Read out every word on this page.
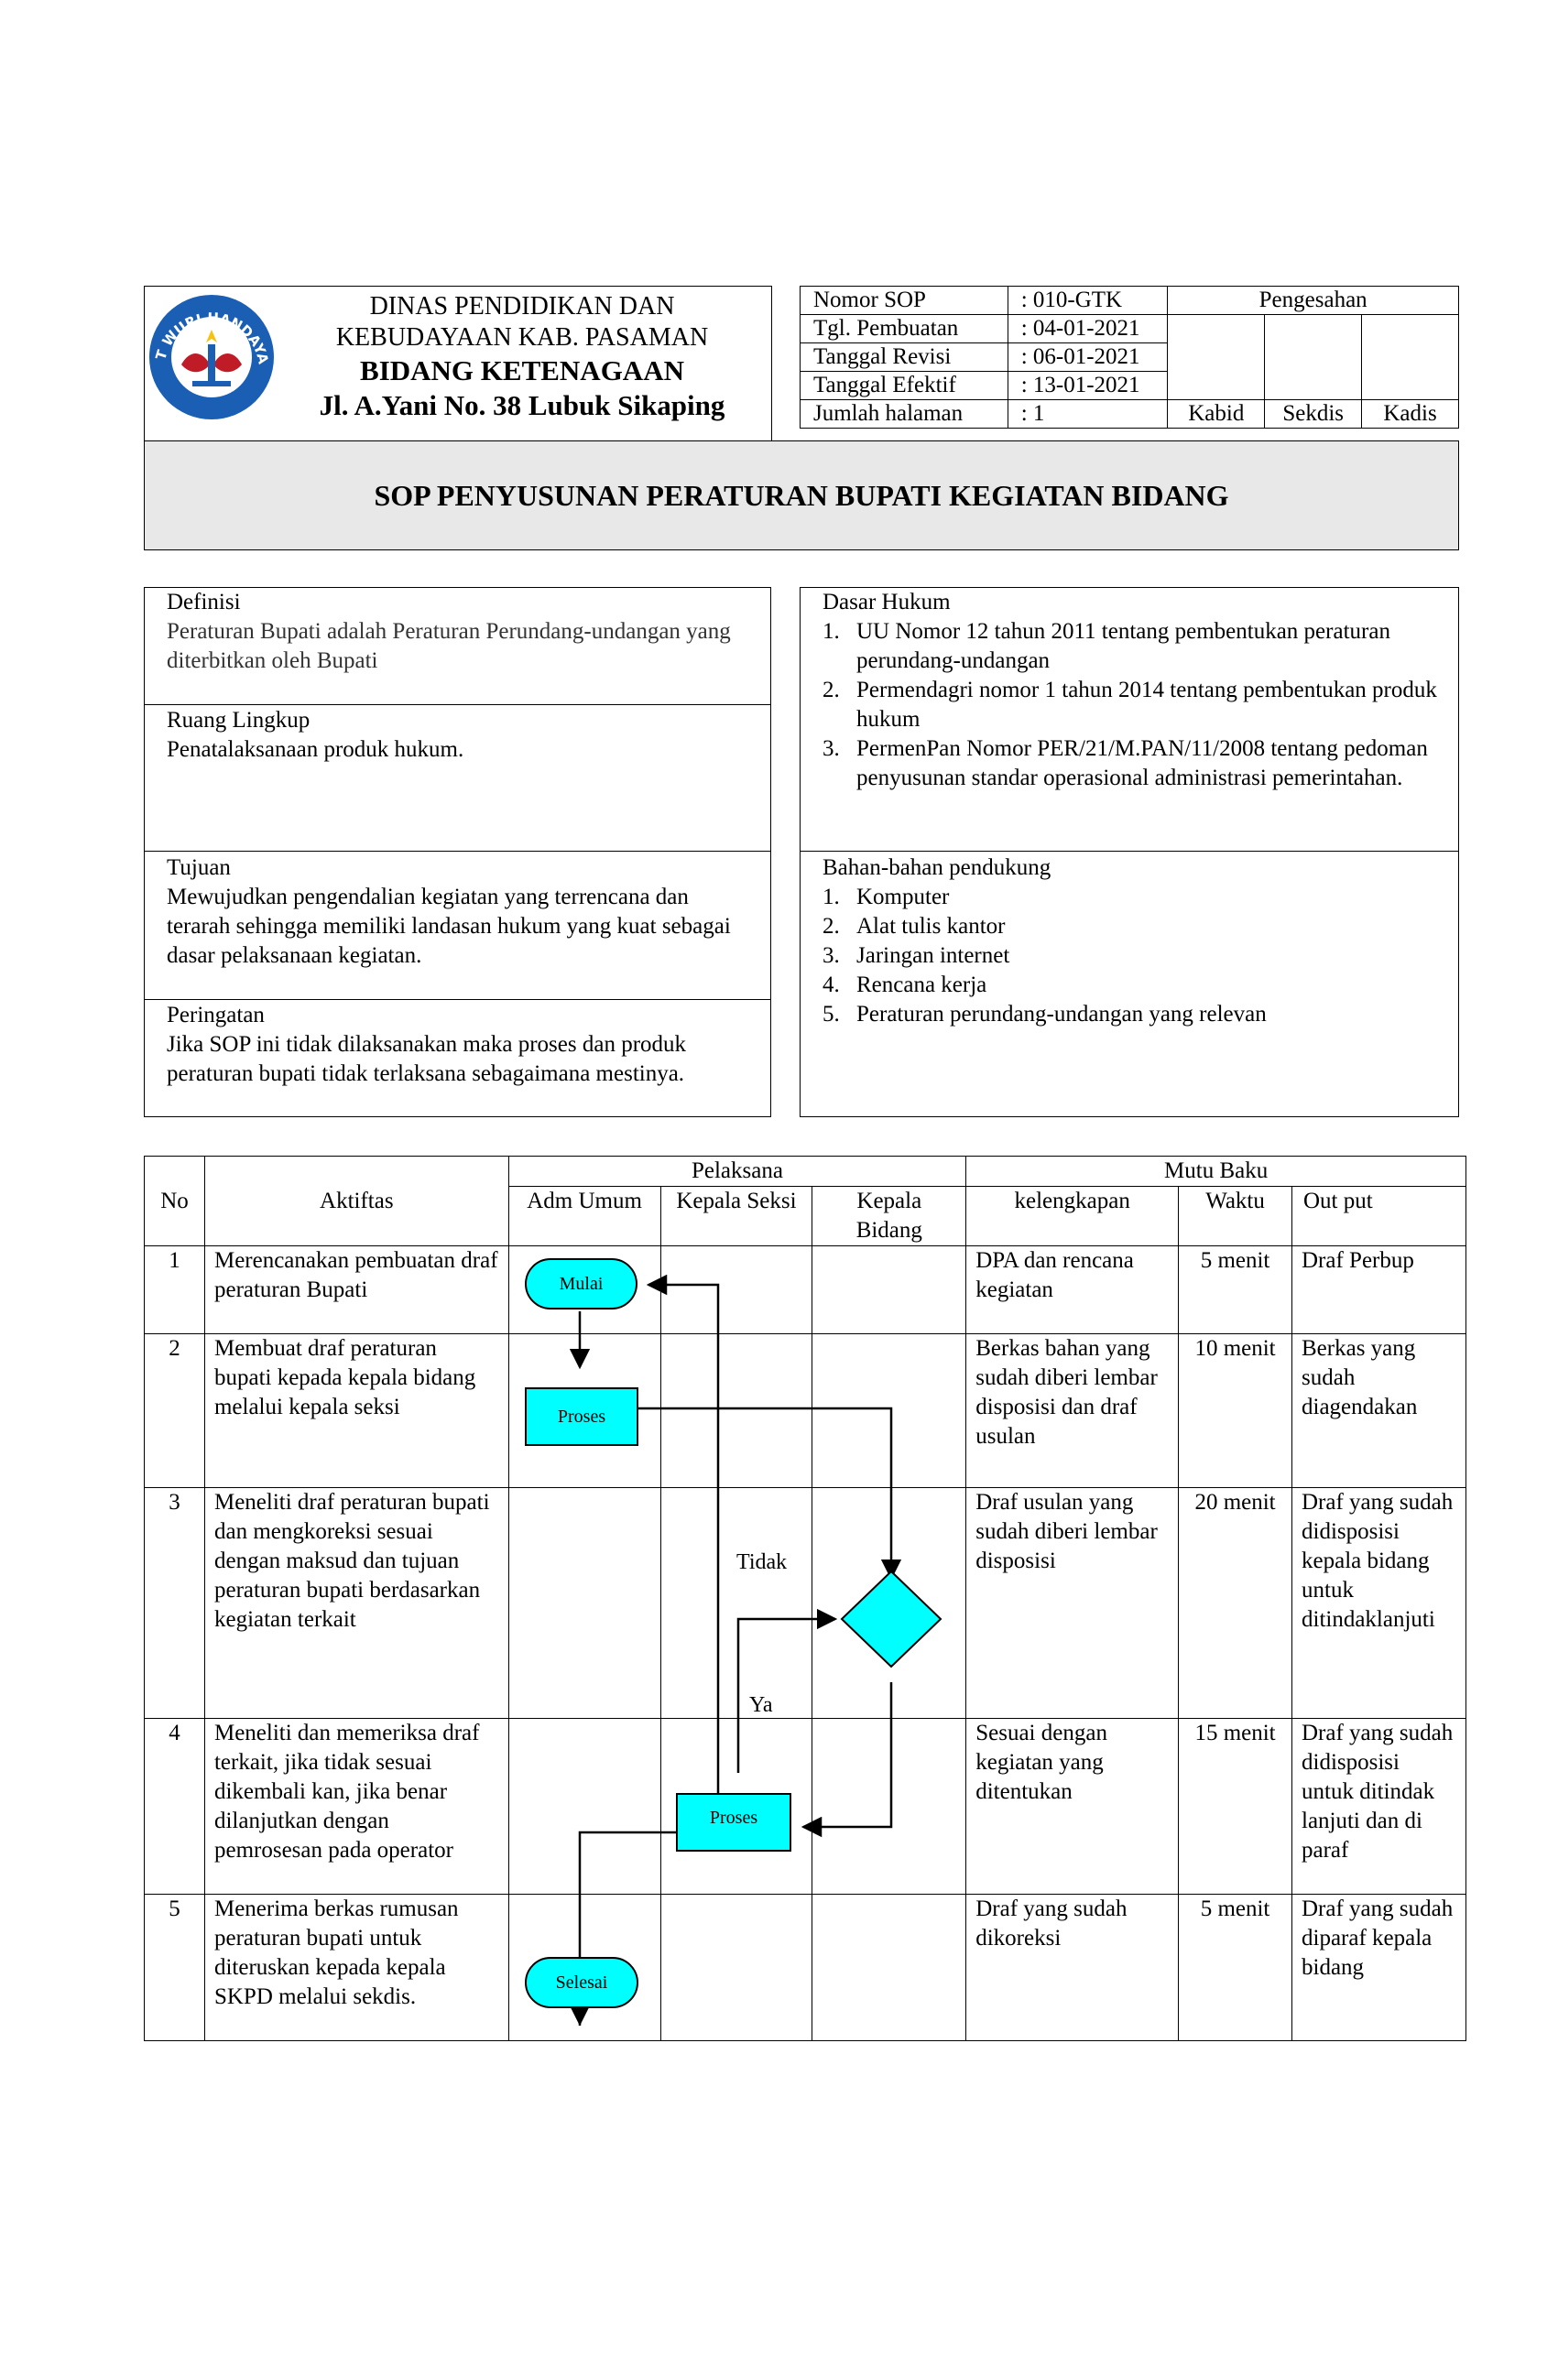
T WURI HANDAYA
DINAS PENDIDIKAN DAN
KEBUDAYAAN KAB. PASAMAN
BIDANG KETENAGAAN
Jl. A.Yani No. 38 Lubuk Sikaping
Nomor SOP	: 010-GTK	Pengesahan		
Tgl. Pembuatan	: 04-01-2021			
Tanggal Revisi	: 06-01-2021			
Tanggal Efektif	: 13-01-2021			
Jumlah halaman	: 1	Kabid	Sekdis	Kadis
SOP PENYUSUNAN PERATURAN BUPATI KEGIATAN BIDANG
Definisi
Peraturan Bupati adalah Peraturan Perundang-undangan yang diterbitkan oleh Bupati
Ruang Lingkup
Penatalaksanaan produk hukum.
Dasar Hukum
1. UU Nomor 12 tahun 2011 tentang pembentukan peraturan perundang-undangan
2. Permendagri nomor 1 tahun 2014 tentang pembentukan produk hukum
3. PermenPan Nomor PER/21/M.PAN/11/2008 tentang pedoman penyusunan standar operasional administrasi pemerintahan.
Tujuan
Mewujudkan pengendalian kegiatan yang terrencana dan terarah sehingga memiliki landasan hukum yang kuat sebagai dasar pelaksanaan kegiatan.
Peringatan
Jika SOP ini tidak dilaksanakan maka proses dan produk peraturan bupati tidak terlaksana sebagaimana mestinya.
Bahan-bahan pendukung
1. Komputer
2. Alat tulis kantor
3. Jaringan internet
4. Rencana kerja
5. Peraturan perundang-undangan yang relevan
No	Aktiftas	Pelaksana			Mutu Baku		
		Adm Umum	Kepala Seksi	Kepala Bidang	kelengkapan	Waktu	Out put
1	Merencanakan pembuatan draf peraturan Bupati				DPA dan rencana kegiatan	5 menit	Draf Perbup
2	Membuat draf peraturan bupati kepada kepala bidang melalui kepala seksi				Berkas bahan yang sudah diberi lembar disposisi dan draf usulan	10 menit	Berkas yang sudah diagendakan
3	Meneliti draf peraturan bupati dan mengkoreksi sesuai dengan maksud dan tujuan peraturan bupati berdasarkan kegiatan terkait				Draf usulan yang sudah diberi lembar disposisi	20 menit	Draf yang sudah didisposisi kepala bidang untuk ditindaklanjuti
4	Meneliti dan memeriksa draf terkait, jika tidak sesuai dikembali kan, jika benar dilanjutkan dengan pemrosesan pada operator				Sesuai dengan kegiatan yang ditentukan	15 menit	Draf yang sudah didisposisi untuk ditindak lanjuti dan di paraf
5	Menerima berkas rumusan peraturan bupati untuk diteruskan kepada kepala SKPD melalui sekdis.				Draf yang sudah dikoreksi	5 menit	Draf yang sudah diparaf kepala bidang
Mulai
Proses
Proses
Selesai
Tidak
Ya
